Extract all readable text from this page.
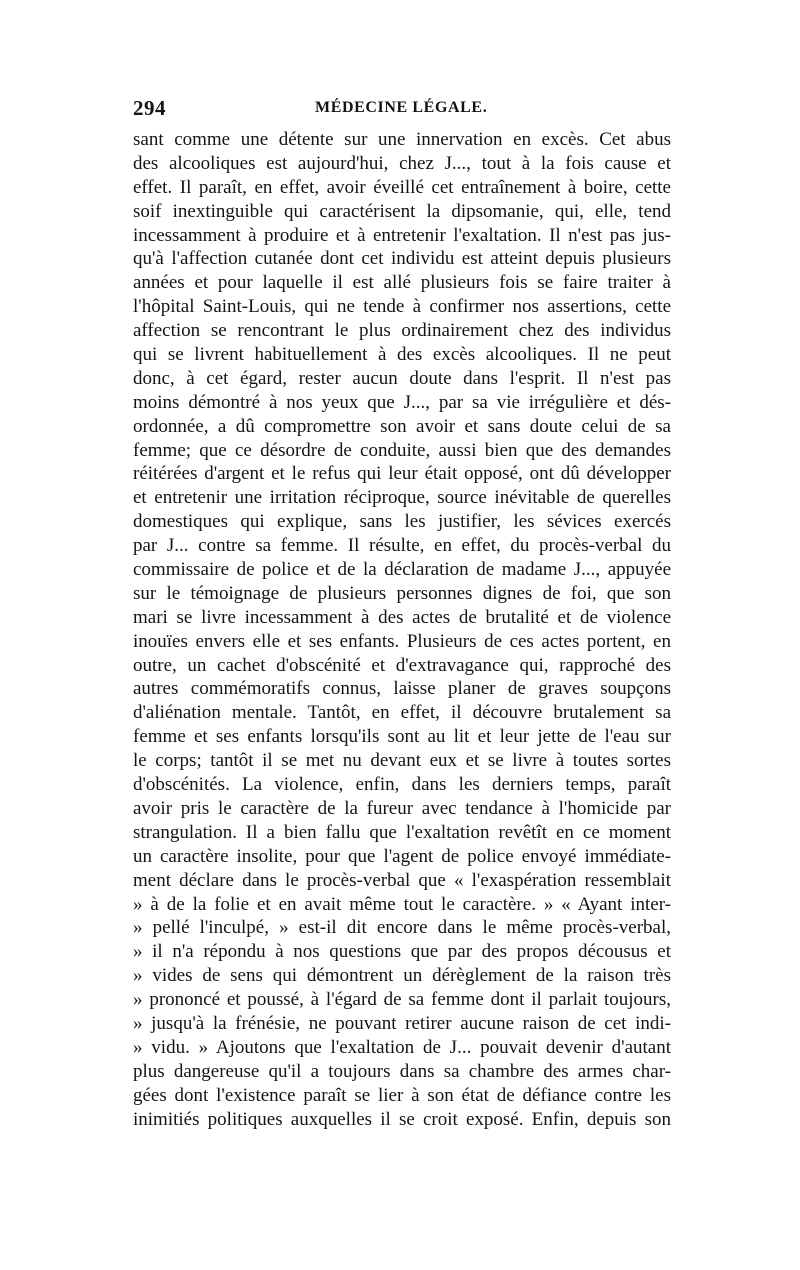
294	MÉDECINE LÉGALE.
sant comme une détente sur une innervation en excès. Cet abus
des alcooliques est aujourd'hui, chez J..., tout à la fois cause et
effet. Il paraît, en effet, avoir éveillé cet entraînement à boire, cette
soif inextinguible qui caractérisent la dipsomanie, qui, elle, tend
incessamment à produire et à entretenir l'exaltation. Il n'est pas jus-
qu'à l'affection cutanée dont cet individu est atteint depuis plusieurs
années et pour laquelle il est allé plusieurs fois se faire traiter à
l'hôpital Saint-Louis, qui ne tende à confirmer nos assertions, cette
affection se rencontrant le plus ordinairement chez des individus
qui se livrent habituellement à des excès alcooliques. Il ne peut
donc, à cet égard, rester aucun doute dans l'esprit. Il n'est pas
moins démontré à nos yeux que J..., par sa vie irrégulière et dés-
ordonnée, a dû compromettre son avoir et sans doute celui de sa
femme; que ce désordre de conduite, aussi bien que des demandes
réitérées d'argent et le refus qui leur était opposé, ont dû développer
et entretenir une irritation réciproque, source inévitable de querelles
domestiques qui explique, sans les justifier, les sévices exercés
par J... contre sa femme. Il résulte, en effet, du procès-verbal du
commissaire de police et de la déclaration de madame J..., appuyée
sur le témoignage de plusieurs personnes dignes de foi, que son
mari se livre incessamment à des actes de brutalité et de violence
inouïes envers elle et ses enfants. Plusieurs de ces actes portent, en
outre, un cachet d'obscénité et d'extravagance qui, rapproché des
autres commémoratifs connus, laisse planer de graves soupçons
d'aliénation mentale. Tantôt, en effet, il découvre brutalement sa
femme et ses enfants lorsqu'ils sont au lit et leur jette de l'eau sur
le corps; tantôt il se met nu devant eux et se livre à toutes sortes
d'obscénités. La violence, enfin, dans les derniers temps, paraît
avoir pris le caractère de la fureur avec tendance à l'homicide par
strangulation. Il a bien fallu que l'exaltation revêtît en ce moment
un caractère insolite, pour que l'agent de police envoyé immédiate-
ment déclare dans le procès-verbal que « l'exaspération ressemblait
» à de la folie et en avait même tout le caractère. » « Ayant inter-
» pellé l'inculpé, » est-il dit encore dans le même procès-verbal,
» il n'a répondu à nos questions que par des propos décousus et
» vides de sens qui démontrent un dérèglement de la raison très
» prononcé et poussé, à l'égard de sa femme dont il parlait toujours,
» jusqu'à la frénésie, ne pouvant retirer aucune raison de cet indi-
» vidu. » Ajoutons que l'exaltation de J... pouvait devenir d'autant
plus dangereuse qu'il a toujours dans sa chambre des armes char-
gées dont l'existence paraît se lier à son état de défiance contre les
inimitiés politiques auxquelles il se croit exposé. Enfin, depuis son
